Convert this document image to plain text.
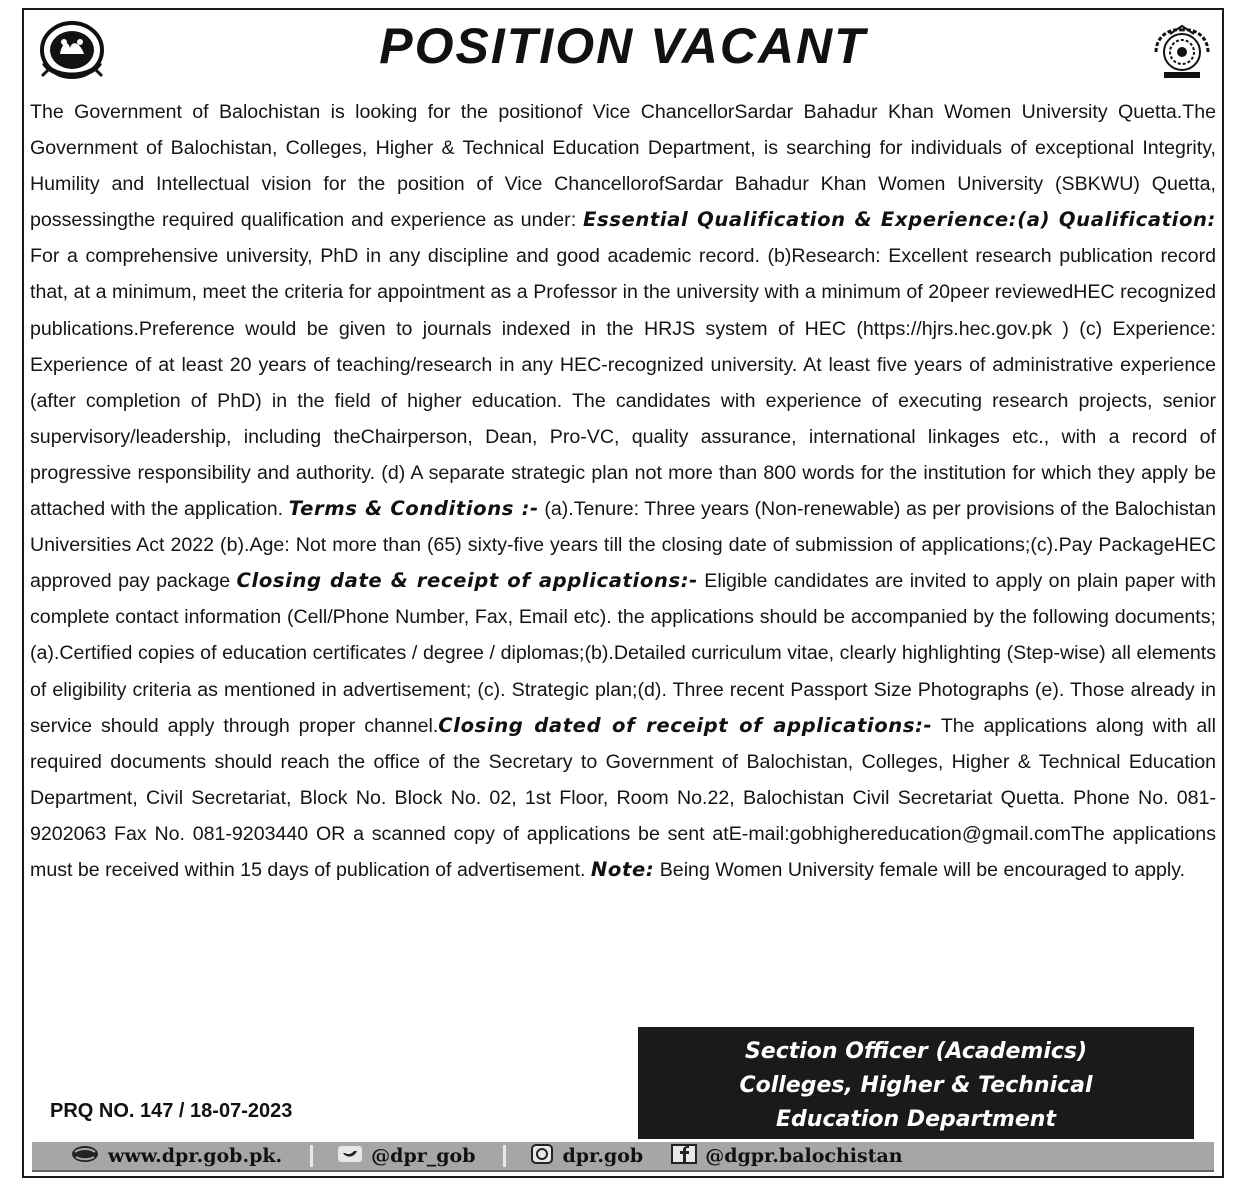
POSITION VACANT
The Government of Balochistan is looking for the positionof Vice ChancellorSardar Bahadur Khan Women University Quetta.The Government of Balochistan, Colleges, Higher & Technical Education Department, is searching for individuals of exceptional Integrity, Humility and Intellectual vision for the position of Vice ChancellorofSardar Bahadur Khan Women University (SBKWU) Quetta, possessingthe required qualification and experience as under: Essential Qualification & Experience:(a) Qualification: For a comprehensive university, PhD in any discipline and good academic record. (b)Research: Excellent research publication record that, at a minimum, meet the criteria for appointment as a Professor in the university with a minimum of 20peer reviewedHEC recognized publications.Preference would be given to journals indexed in the HRJS system of HEC (https://hjrs.hec.gov.pk ) (c) Experience: Experience of at least 20 years of teaching/research in any HEC-recognized university. At least five years of administrative experience (after completion of PhD) in the field of higher education. The candidates with experience of executing research projects, senior supervisory/leadership, including theChairperson, Dean, Pro-VC, quality assurance, international linkages etc., with a record of progressive responsibility and authority. (d) A separate strategic plan not more than 800 words for the institution for which they apply be attached with the application. Terms & Conditions :- (a).Tenure: Three years (Non-renewable) as per provisions of the Balochistan Universities Act 2022 (b).Age: Not more than (65) sixty-five years till the closing date of submission of applications;(c).Pay PackageHEC approved pay package Closing date & receipt of applications:- Eligible candidates are invited to apply on plain paper with complete contact information (Cell/Phone Number, Fax, Email etc). the applications should be accompanied by the following documents; (a).Certified copies of education certificates / degree / diplomas;(b).Detailed curriculum vitae, clearly highlighting (Step-wise) all elements of eligibility criteria as mentioned in advertisement; (c). Strategic plan;(d). Three recent Passport Size Photographs (e). Those already in service should apply through proper channel.Closing dated of receipt of applications:- The applications along with all required documents should reach the office of the Secretary to Government of Balochistan, Colleges, Higher & Technical Education Department, Civil Secretariat, Block No. Block No. 02, 1st Floor, Room No.22, Balochistan Civil Secretariat Quetta. Phone No. 081-9202063 Fax No. 081-9203440 OR a scanned copy of applications be sent atE-mail:gobhighereducation@gmail.comThe applications must be received within 15 days of publication of advertisement. Note: Being Women University female will be encouraged to apply.
PRQ NO. 147 / 18-07-2023
Section Officer (Academics)
Colleges, Higher & Technical
Education Department
www.dpr.gob.pk.	@dpr_gob	dpr.gob	@dgpr.balochistan
